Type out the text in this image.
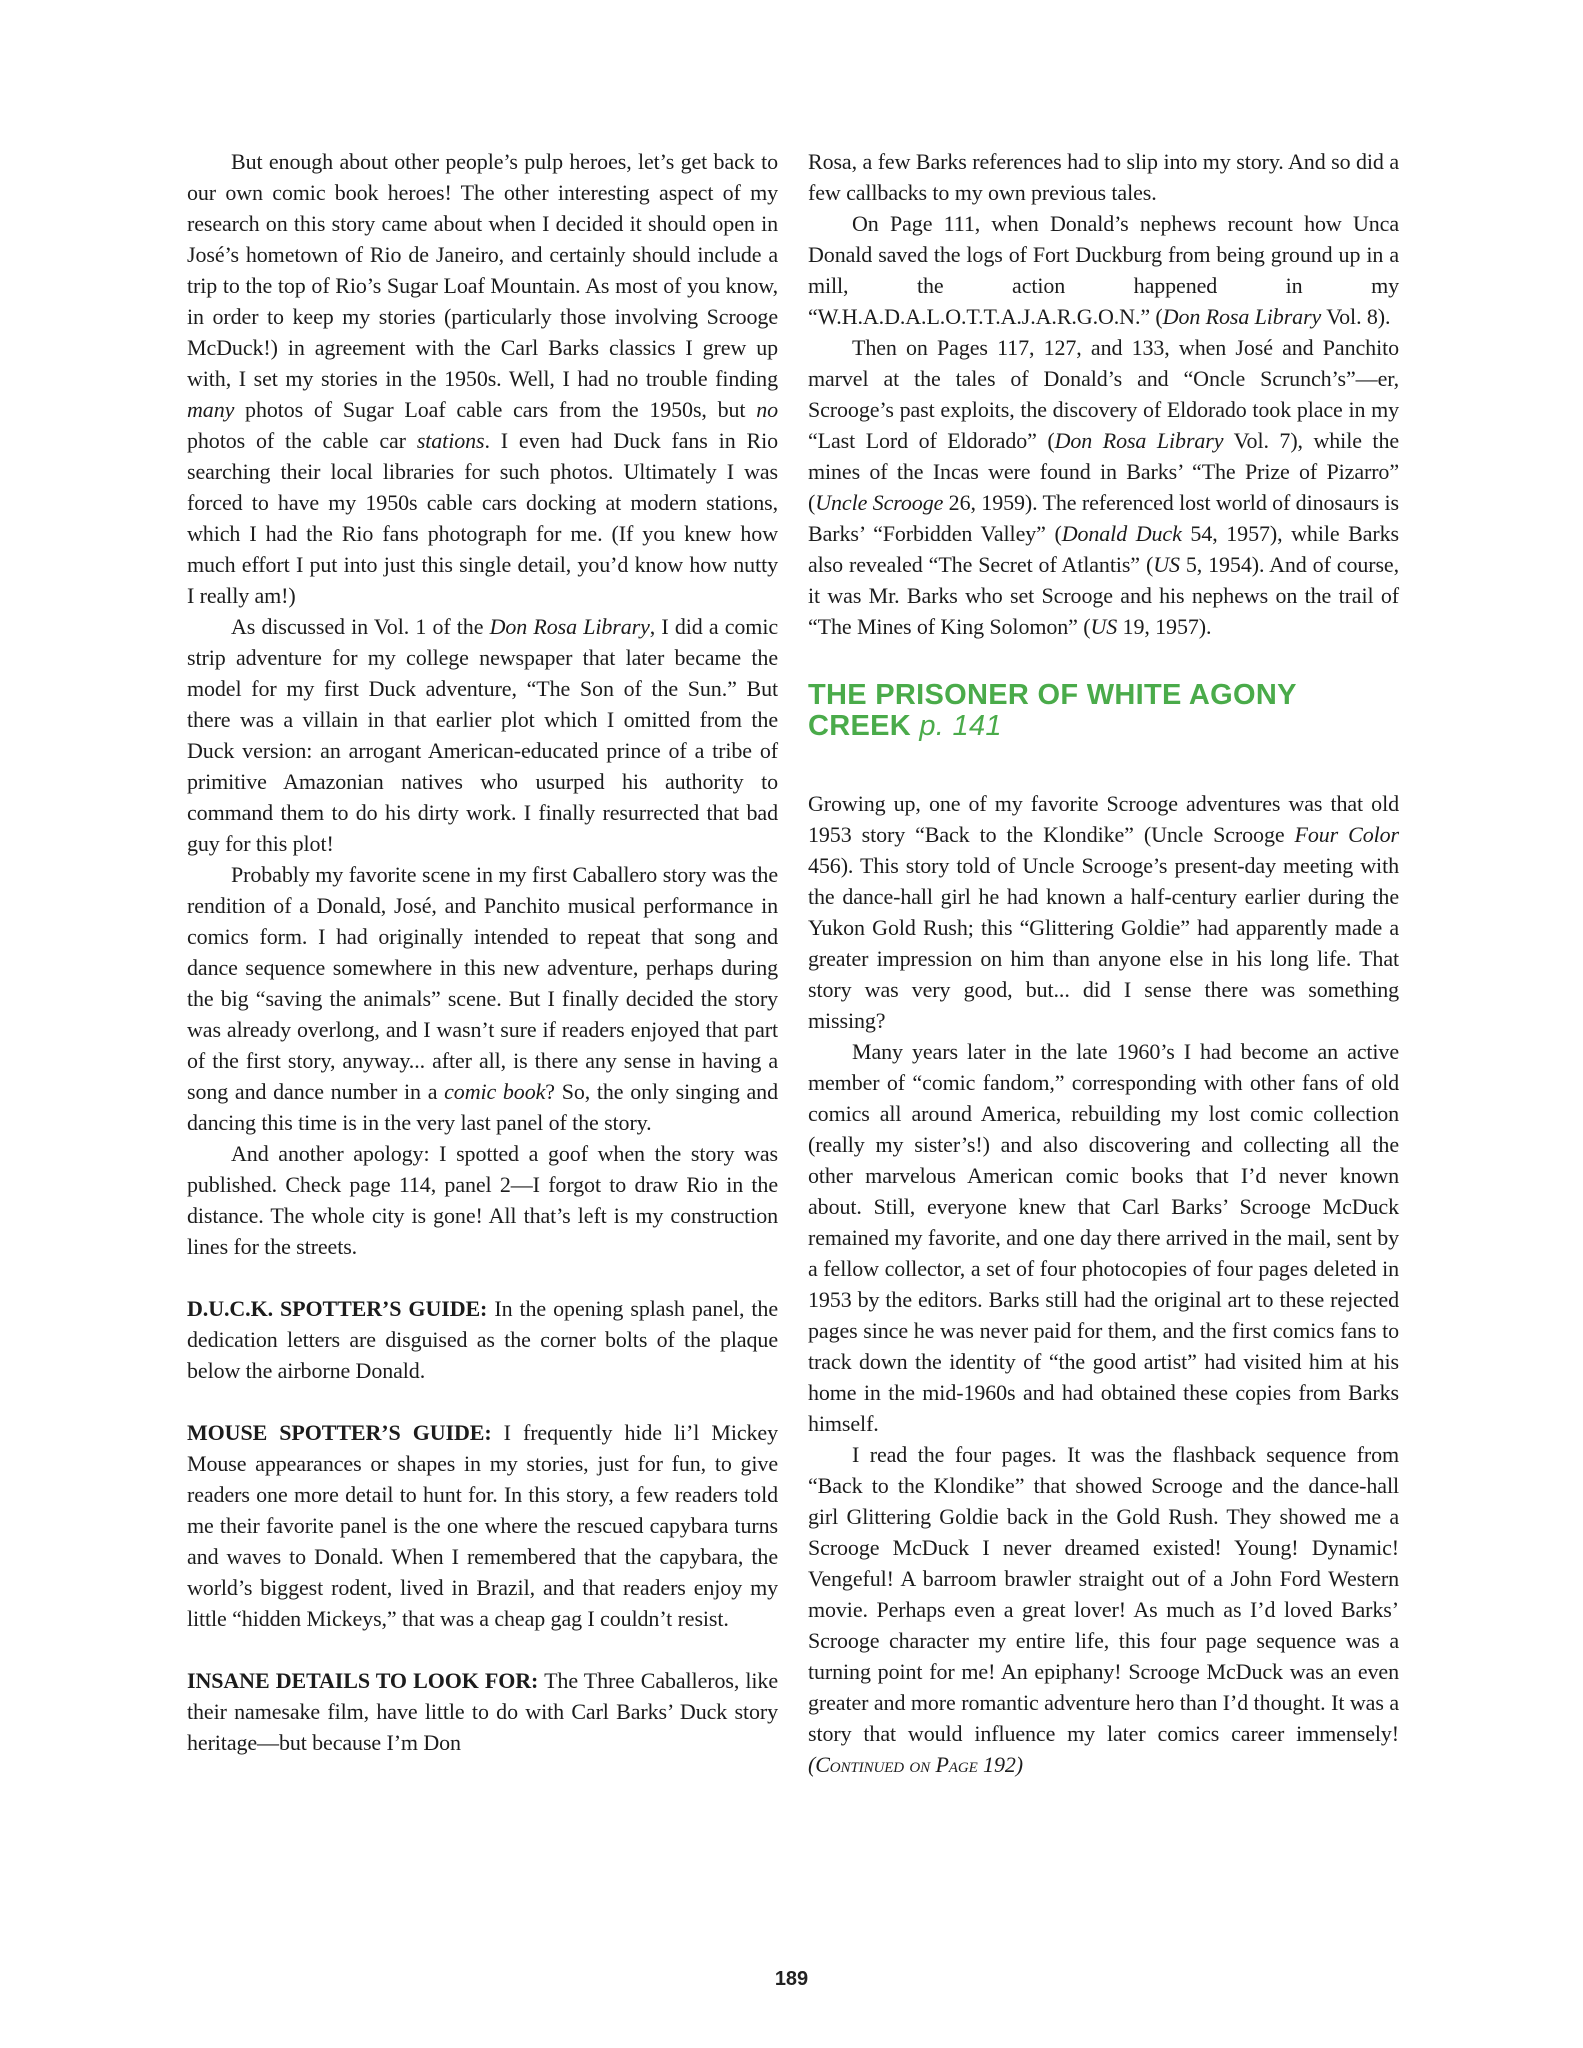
But enough about other people’s pulp heroes, let’s get back to our own comic book heroes! The other interesting aspect of my research on this story came about when I decided it should open in José’s hometown of Rio de Janeiro, and certainly should include a trip to the top of Rio’s Sugar Loaf Mountain. As most of you know, in order to keep my stories (particularly those involving Scrooge McDuck!) in agreement with the Carl Barks classics I grew up with, I set my stories in the 1950s. Well, I had no trouble finding many photos of Sugar Loaf cable cars from the 1950s, but no photos of the cable car stations. I even had Duck fans in Rio searching their local libraries for such photos. Ultimately I was forced to have my 1950s cable cars docking at modern stations, which I had the Rio fans photograph for me. (If you knew how much effort I put into just this single detail, you’d know how nutty I really am!)

As discussed in Vol. 1 of the Don Rosa Library, I did a comic strip adventure for my college newspaper that later became the model for my first Duck adventure, “The Son of the Sun.” But there was a villain in that earlier plot which I omitted from the Duck version: an arrogant American-educated prince of a tribe of primitive Amazonian natives who usurped his authority to command them to do his dirty work. I finally resurrected that bad guy for this plot!

Probably my favorite scene in my first Caballero story was the rendition of a Donald, José, and Panchito musical performance in comics form. I had originally intended to repeat that song and dance sequence somewhere in this new adventure, perhaps during the big “saving the animals” scene. But I finally decided the story was already overlong, and I wasn’t sure if readers enjoyed that part of the first story, anyway... after all, is there any sense in having a song and dance number in a comic book? So, the only singing and dancing this time is in the very last panel of the story.

And another apology: I spotted a goof when the story was published. Check page 114, panel 2—I forgot to draw Rio in the distance. The whole city is gone! All that’s left is my construction lines for the streets.

D.U.C.K. SPOTTER’S GUIDE: In the opening splash panel, the dedication letters are disguised as the corner bolts of the plaque below the airborne Donald.

MOUSE SPOTTER’S GUIDE: I frequently hide li’l Mickey Mouse appearances or shapes in my stories, just for fun, to give readers one more detail to hunt for. In this story, a few readers told me their favorite panel is the one where the rescued capybara turns and waves to Donald. When I remembered that the capybara, the world’s biggest rodent, lived in Brazil, and that readers enjoy my little “hidden Mickeys,” that was a cheap gag I couldn’t resist.

INSANE DETAILS TO LOOK FOR: The Three Caballeros, like their namesake film, have little to do with Carl Barks’ Duck story heritage—but because I’m Don

Rosa, a few Barks references had to slip into my story. And so did a few callbacks to my own previous tales.

On Page 111, when Donald’s nephews recount how Unca Donald saved the logs of Fort Duckburg from being ground up in a mill, the action happened in my “W.H.A.D.A.L.O.T.T.A.J.A.R.G.O.N.” (Don Rosa Library Vol. 8).

Then on Pages 117, 127, and 133, when José and Panchito marvel at the tales of Donald’s and “Oncle Scrunch’s”—er, Scrooge’s past exploits, the discovery of Eldorado took place in my “Last Lord of Eldorado” (Don Rosa Library Vol. 7), while the mines of the Incas were found in Barks’ “The Prize of Pizarro” (Uncle Scrooge 26, 1959). The referenced lost world of dinosaurs is Barks’ “Forbidden Valley” (Donald Duck 54, 1957), while Barks also revealed “The Secret of Atlantis” (US 5, 1954). And of course, it was Mr. Barks who set Scrooge and his nephews on the trail of “The Mines of King Solomon” (US 19, 1957).

THE PRISONER OF WHITE AGONY CREEK p. 141

Growing up, one of my favorite Scrooge adventures was that old 1953 story “Back to the Klondike” (Uncle Scrooge Four Color 456). This story told of Uncle Scrooge’s present-day meeting with the dance-hall girl he had known a half-century earlier during the Yukon Gold Rush; this “Glittering Goldie” had apparently made a greater impression on him than anyone else in his long life. That story was very good, but... did I sense there was something missing?

Many years later in the late 1960’s I had become an active member of “comic fandom,” corresponding with other fans of old comics all around America, rebuilding my lost comic collection (really my sister’s!) and also discovering and collecting all the other marvelous American comic books that I’d never known about. Still, everyone knew that Carl Barks’ Scrooge McDuck remained my favorite, and one day there arrived in the mail, sent by a fellow collector, a set of four photocopies of four pages deleted in 1953 by the editors. Barks still had the original art to these rejected pages since he was never paid for them, and the first comics fans to track down the identity of “the good artist” had visited him at his home in the mid-1960s and had obtained these copies from Barks himself.

I read the four pages. It was the flashback sequence from “Back to the Klondike” that showed Scrooge and the dance-hall girl Glittering Goldie back in the Gold Rush. They showed me a Scrooge McDuck I never dreamed existed! Young! Dynamic! Vengeful! A barroom brawler straight out of a John Ford Western movie. Perhaps even a great lover! As much as I’d loved Barks’ Scrooge character my entire life, this four page sequence was a turning point for me! An epiphany! Scrooge McDuck was an even greater and more romantic adventure hero than I’d thought. It was a story that would influence my later comics career immensely! (Continued on Page 192)

189
